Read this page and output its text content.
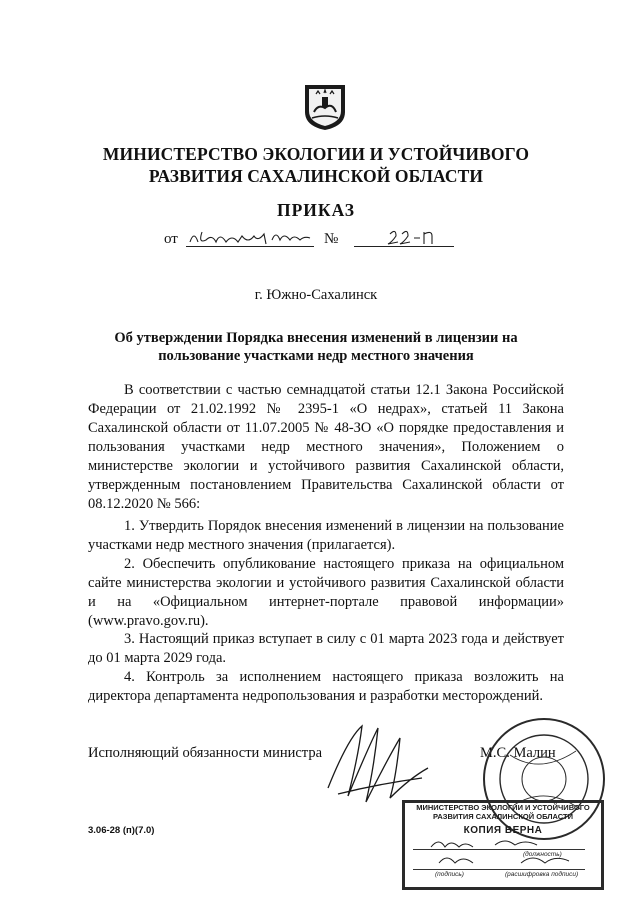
МИНИСТЕРСТВО ЭКОЛОГИИ И УСТОЙЧИВОГО
РАЗВИТИЯ САХАЛИНСКОЙ ОБЛАСТИ
ПРИКАЗ
от	№
г. Южно-Сахалинск
Об утверждении Порядка внесения изменений в лицензии на
пользование участками недр местного значения

В соответствии с частью семнадцатой статьи 12.1 Закона Российской Федерации от 21.02.1992 № 2395-1 «О недрах», статьей 11 Закона Сахалинской области от 11.07.2005 № 48-ЗО «О порядке предоставления и пользования участками недр местного значения», Положением о министерстве экологии и устойчивого развития Сахалинской области, утвержденным постановлением Правительства Сахалинской области от 08.12.2020 № 566:

1. Утвердить Порядок внесения изменений в лицензии на пользование участками недр местного значения (прилагается).

2. Обеспечить опубликование настоящего приказа на официальном сайте министерства экологии и устойчивого развития Сахалинской области и на «Официальном интернет-портале правовой информации» (www.pravo.gov.ru).

3. Настоящий приказ вступает в силу с 01 марта 2023 года и действует до 01 марта 2029 года.

4. Контроль за исполнением настоящего приказа возложить на директора департамента недропользования и разработки месторождений.

Исполняющий обязанности министра	М.С. Малин
МИНИСТЕРСТВО ЭКОЛОГИИ И УСТОЙЧИВОГО РАЗВИТИЯ САХАЛИНСКОЙ ОБЛАСТИ
КОПИЯ ВЕРНА
(должность)
(подпись)	(расшифровка подписи)
3.06-28 (п)(7.0)
